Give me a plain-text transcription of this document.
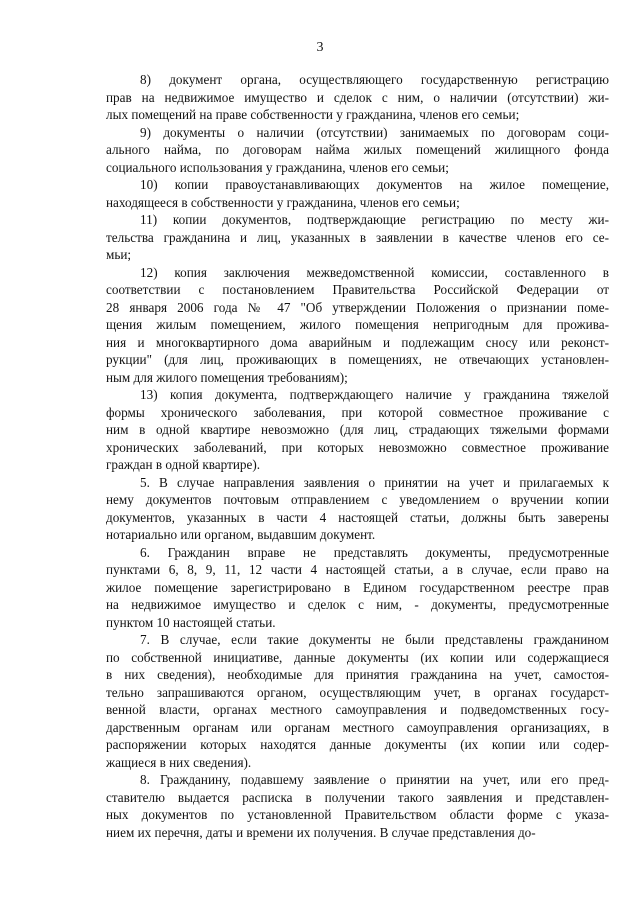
3
8) документ органа, осуществляющего государственную регистрацию
прав на недвижимое имущество и сделок с ним, о наличии (отсутствии) жи-
лых помещений на праве собственности у гражданина, членов его семьи;
9) документы о наличии (отсутствии) занимаемых по договорам соци-
ального найма, по договорам найма жилых помещений жилищного фонда
социального использования у гражданина, членов его семьи;
10) копии правоустанавливающих документов на жилое помещение,
находящееся в собственности у гражданина, членов его семьи;
11) копии документов, подтверждающие регистрацию по месту жи-
тельства гражданина и лиц, указанных в заявлении в качестве членов его се-
мьи;
12) копия заключения межведомственной комиссии, составленного в
соответствии с постановлением Правительства Российской Федерации от
28 января 2006 года № 47 "Об утверждении Положения о признании поме-
щения жилым помещением, жилого помещения непригодным для прожива-
ния и многоквартирного дома аварийным и подлежащим сносу или реконст-
рукции" (для лиц, проживающих в помещениях, не отвечающих установлен-
ным для жилого помещения требованиям);
13) копия документа, подтверждающего наличие у гражданина тяжелой
формы хронического заболевания, при которой совместное проживание с
ним в одной квартире невозможно (для лиц, страдающих тяжелыми формами
хронических заболеваний, при которых невозможно совместное проживание
граждан в одной квартире).
5. В случае направления заявления о принятии на учет и прилагаемых к
нему документов почтовым отправлением с уведомлением о вручении копии
документов, указанных в части 4 настоящей статьи, должны быть заверены
нотариально или органом, выдавшим документ.
6. Гражданин вправе не представлять документы, предусмотренные
пунктами 6, 8, 9, 11, 12 части 4 настоящей статьи, а в случае, если право на
жилое помещение зарегистрировано в Едином государственном реестре прав
на недвижимое имущество и сделок с ним, - документы, предусмотренные
пунктом 10 настоящей статьи.
7. В случае, если такие документы не были представлены гражданином
по собственной инициативе, данные документы (их копии или содержащиеся
в них сведения), необходимые для принятия гражданина на учет, самостоя-
тельно запрашиваются органом, осуществляющим учет, в органах государст-
венной власти, органах местного самоуправления и подведомственных госу-
дарственным органам или органам местного самоуправления организациях, в
распоряжении которых находятся данные документы (их копии или содер-
жащиеся в них сведения).
8. Гражданину, подавшему заявление о принятии на учет, или его пред-
ставителю выдается расписка в получении такого заявления и представлен-
ных документов по установленной Правительством области форме с указа-
нием их перечня, даты и времени их получения. В случае представления до-
